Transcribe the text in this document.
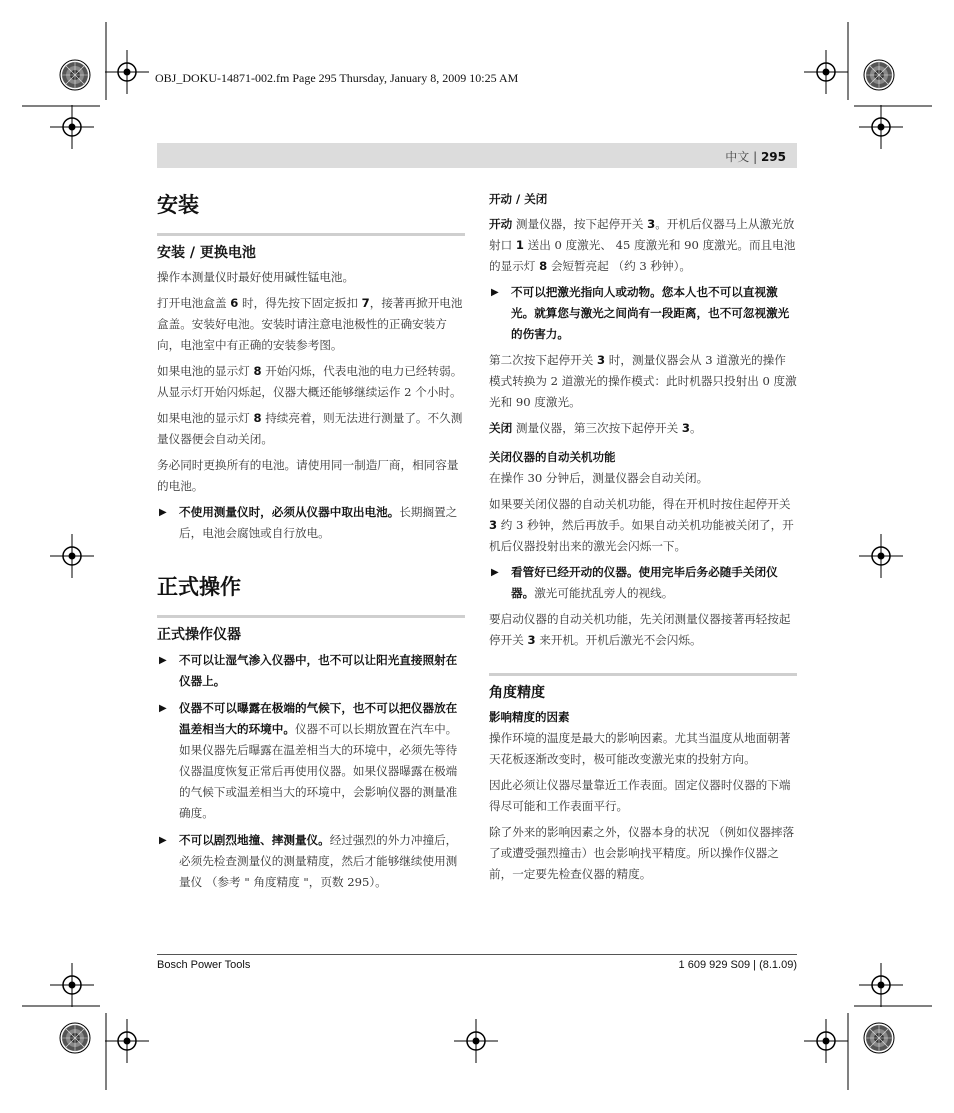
OBJ_DOKU-14871-002.fm Page 295 Thursday, January 8, 2009 10:25 AM
中文 | 295
安装
安装 / 更换电池

操作本测量仪时最好使用碱性锰电池。

打开电池盒盖 6 时，得先按下固定扳扣 7，接著再掀开电池盒盖。安装好电池。安装时请注意电池极性的正确安装方向，电池室中有正确的安装参考图。

如果电池的显示灯 8 开始闪烁，代表电池的电力已经转弱。从显示灯开始闪烁起，仪器大概还能够继续运作 2 个小时。

如果电池的显示灯 8 持续亮着，则无法进行测量了。不久测量仪器便会自动关闭。

务必同时更换所有的电池。请使用同一制造厂商，相同容量的电池。

▶ 不使用测量仪时，必须从仪器中取出电池。长期搁置之后，电池会腐蚀或自行放电。
正式操作
正式操作仪器
▶ 不可以让湿气渗入仪器中，也不可以让阳光直接照射在仪器上。
▶ 仪器不可以曝露在极端的气候下，也不可以把仪器放在温差相当大的环境中。仪器不可以长期放置在汽车中。如果仪器先后曝露在温差相当大的环境中，必须先等待仪器温度恢复正常后再使用仪器。如果仪器曝露在极端的气候下或温差相当大的环境中，会影响仪器的测量准确度。
▶ 不可以剧烈地撞、摔测量仪。经过强烈的外力冲撞后，必须先检查测量仪的测量精度，然后才能够继续使用测量仪 （参考 " 角度精度 "，页数 295）。
开动 / 关闭

开动 测量仪器，按下起停开关 3。开机后仪器马上从激光放射口 1 送出 0 度激光、 45 度激光和 90 度激光。而且电池的显示灯 8 会短暂亮起 （约 3 秒钟）。

▶ 不可以把激光指向人或动物。您本人也不可以直视激光。就算您与激光之间尚有一段距离，也不可忽视激光的伤害力。

第二次按下起停开关 3 时，测量仪器会从 3 道激光的操作模式转换为 2 道激光的操作模式：此时机器只投射出 0 度激光和 90 度激光。

关闭 测量仪器，第三次按下起停开关 3。

关闭仪器的自动关机功能

在操作 30 分钟后，测量仪器会自动关闭。

如果要关闭仪器的自动关机功能，得在开机时按住起停开关 3 约 3 秒钟，然后再放手。如果自动关机功能被关闭了，开机后仪器投射出来的激光会闪烁一下。

▶ 看管好已经开动的仪器。使用完毕后务必随手关闭仪器。激光可能扰乱旁人的视线。

要启动仪器的自动关机功能，先关闭测量仪器接著再轻按起停开关 3 来开机。开机后激光不会闪烁。

角度精度
影响精度的因素

操作环境的温度是最大的影响因素。尤其当温度从地面朝著天花板逐渐改变时，极可能改变激光束的投射方向。

因此必须让仪器尽量靠近工作表面。固定仪器时仪器的下端得尽可能和工作表面平行。

除了外来的影响因素之外，仪器本身的状况 （例如仪器摔落了或遭受强烈撞击）也会影响找平精度。所以操作仪器之前，一定要先检查仪器的精度。

Bosch Power Tools	1 609 929 S09 | (8.1.09)
